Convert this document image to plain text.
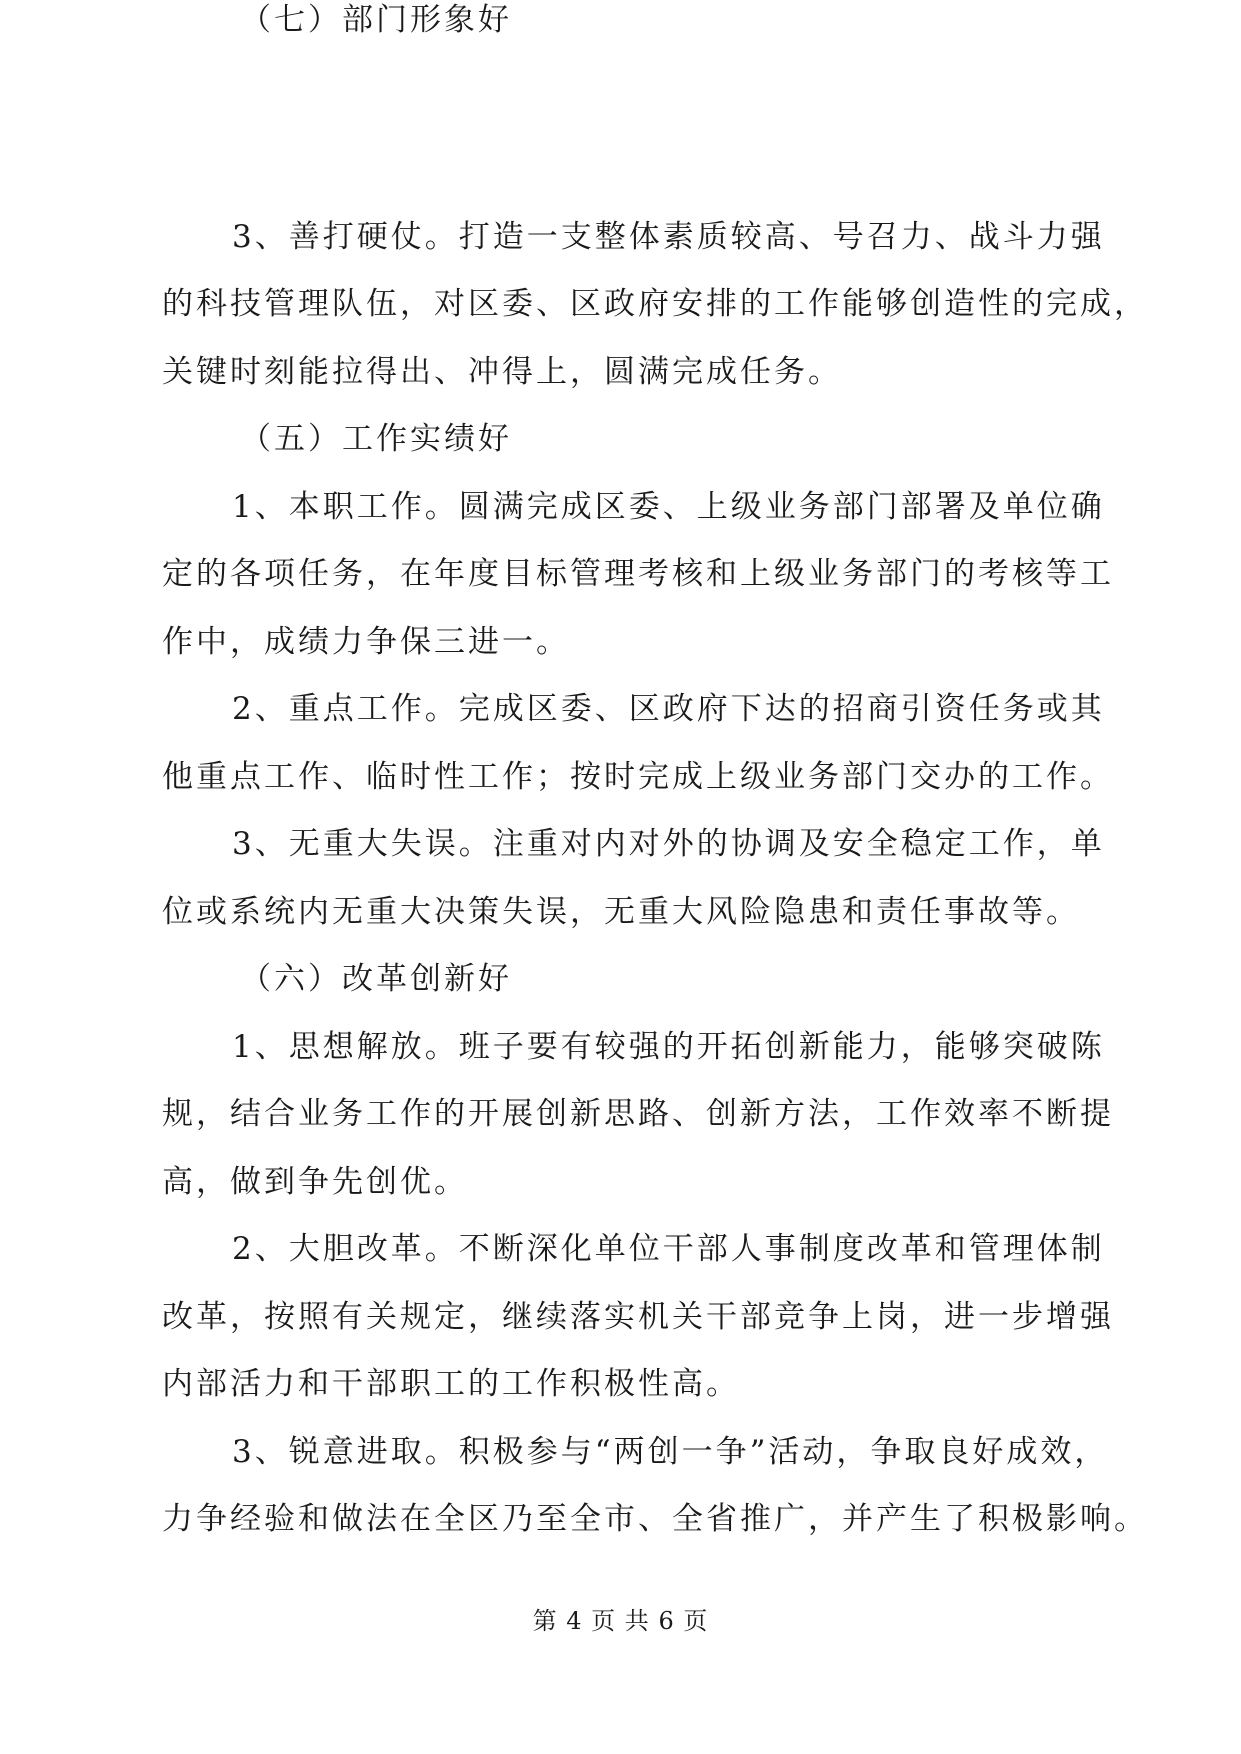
3、善打硬仗。打造一支整体素质较高、号召力、战斗力强
的科技管理队伍，对区委、区政府安排的工作能够创造性的完成，
关键时刻能拉得出、冲得上，圆满完成任务。
（五）工作实绩好
1、本职工作。圆满完成区委、上级业务部门部署及单位确
定的各项任务，在年度目标管理考核和上级业务部门的考核等工
作中，成绩力争保三进一。
2、重点工作。完成区委、区政府下达的招商引资任务或其
他重点工作、临时性工作；按时完成上级业务部门交办的工作。
3、无重大失误。注重对内对外的协调及安全稳定工作，单
位或系统内无重大决策失误，无重大风险隐患和责任事故等。
（六）改革创新好
1、思想解放。班子要有较强的开拓创新能力，能够突破陈
规，结合业务工作的开展创新思路、创新方法，工作效率不断提
高，做到争先创优。
2、大胆改革。不断深化单位干部人事制度改革和管理体制
改革，按照有关规定，继续落实机关干部竞争上岗，进一步增强
内部活力和干部职工的工作积极性高。
3、锐意进取。积极参与“两创一争”活动，争取良好成效，
力争经验和做法在全区乃至全市、全省推广，并产生了积极影响。
（七）部门形象好
第 4 页 共 6 页
